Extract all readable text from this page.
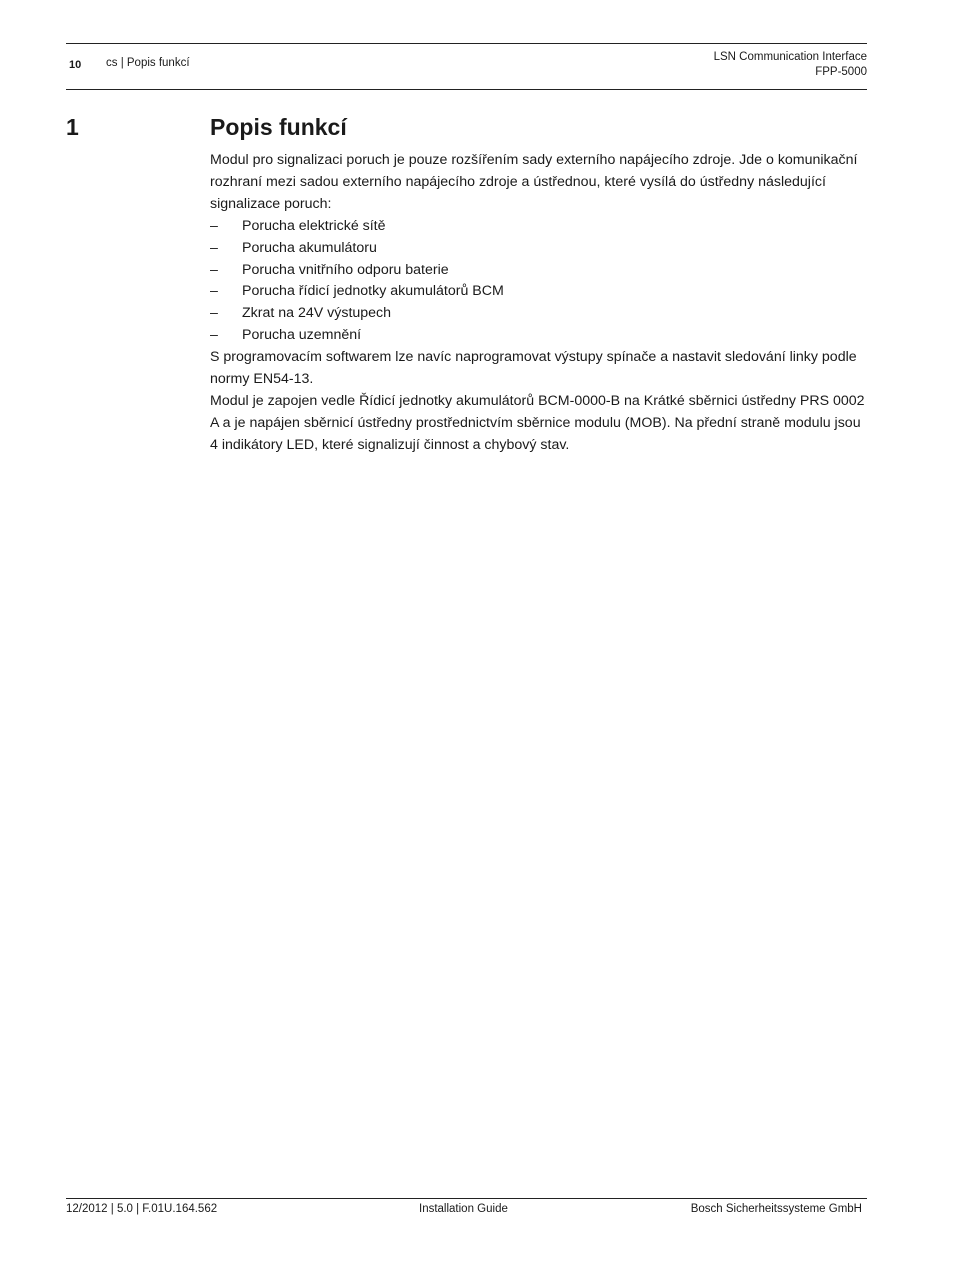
10 cs | Popis funkcí	LSN Communication Interface
FPP-5000
1	Popis funkcí

Modul pro signalizaci poruch je pouze rozšířením sady externího napájecího zdroje. Jde o komunikační rozhraní mezi sadou externího napájecího zdroje a ústřednou, které vysílá do ústředny následující signalizace poruch:

– Porucha elektrické sítě
– Porucha akumulátoru
– Porucha vnitřního odporu baterie
– Porucha řídicí jednotky akumulátorů BCM
– Zkrat na 24V výstupech
– Porucha uzemnění

S programovacím softwarem lze navíc naprogramovat výstupy spínače a nastavit sledování linky podle normy EN54-13.

Modul je zapojen vedle Řídicí jednotky akumulátorů BCM-0000-B na Krátké sběrnici ústředny PRS 0002 A a je napájen sběrnicí ústředny prostřednictvím sběrnice modulu (MOB). Na přední straně modulu jsou 4 indikátory LED, které signalizují činnost a chybový stav.

12/2012 | 5.0 | F.01U.164.562	Installation Guide	Bosch Sicherheitssysteme GmbH
